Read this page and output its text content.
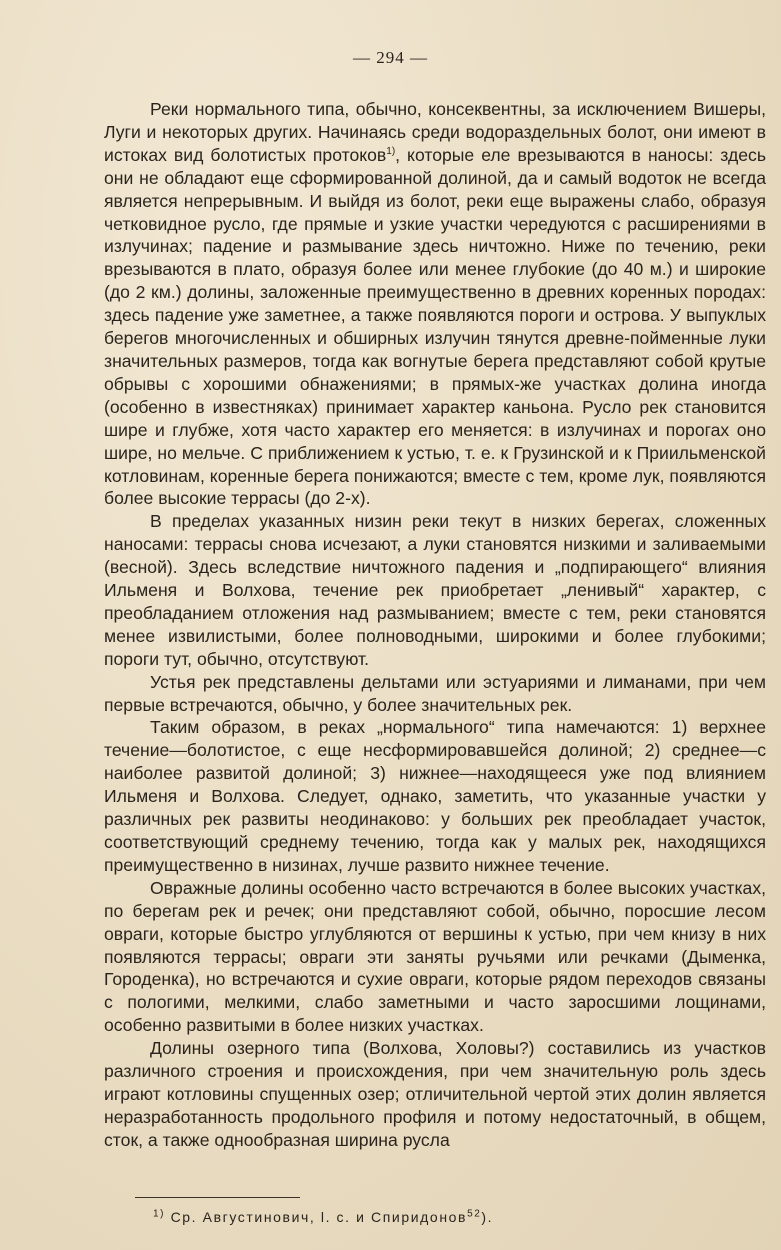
— 294 —

Реки нормального типа, обычно, консеквентны, за исключением Вишеры, Луги и некоторых других. Начинаясь среди водораздельных болот, они имеют в истоках вид болотистых протоков$^{1)}$, которые еле врезываются в наносы: здесь они не обладают еще сформированной долиной, да и самый водоток не всегда является непрерывным. И выйдя из болот, реки еще выражены слабо, образуя четковидное русло, где прямые и узкие участки чередуются с расширениями в излучинах; падение и размывание здесь ничтожно. Ниже по течению, реки врезываются в плато, образуя более или менее глубокие (до 40 м.) и широкие (до 2 км.) долины, заложенные преимущественно в древних коренных породах: здесь падение уже заметнее, а также появляются пороги и острова. У выпуклых берегов многочисленных и обширных излучин тянутся древне-пойменные луки значительных размеров, тогда как вогнутые берега представляют собой крутые обрывы с хорошими обнажениями; в прямых-же участках долина иногда (особенно в известняках) принимает характер каньона. Русло рек становится шире и глубже, хотя часто характер его меняется: в излучинах и порогах оно шире, но мельче. С приближением к устью, т. е. к Грузинской и к Приильменской котловинам, коренные берега понижаются; вместе с тем, кроме лук, появляются более высокие террасы (до 2-х).

В пределах указанных низин реки текут в низких берегах, сложенных наносами: террасы снова исчезают, а луки становятся низкими и заливаемыми (весной). Здесь вследствие ничтожного падения и „подпирающего“ влияния Ильменя и Волхова, течение рек приобретает „ленивый“ характер, с преобладанием отложения над размыванием; вместе с тем, реки становятся менее извилистыми, более полноводными, широкими и более глубокими; пороги тут, обычно, отсутствуют.

Устья рек представлены дельтами или эстуариями и лиманами, при чем первые встречаются, обычно, у более значительных рек.

Таким образом, в реках „нормального“ типа намечаются: 1) верхнее течение—болотистое, с еще несформировавшейся долиной; 2) среднее—с наиболее развитой долиной; 3) нижнее—находящееся уже под влиянием Ильменя и Волхова. Следует, однако, заметить, что указанные участки у различных рек развиты неодинаково: у больших рек преобладает участок, соответствующий среднему течению, тогда как у малых рек, находящихся преимущественно в низинах, лучше развито нижнее течение.

Овражные долины особенно часто встречаются в более высоких участках, по берегам рек и речек; они представляют собой, обычно, поросшие лесом овраги, которые быстро углубляются от вершины к устью, при чем книзу в них появляются террасы; овраги эти заняты ручьями или речками (Дыменка, Городенка), но встречаются и сухие овраги, которые рядом переходов связаны с пологими, мелкими, слабо заметными и часто заросшими лощинами, особенно развитыми в более низких участках.

Долины озерного типа (Волхова, Холовы?) составились из участков различного строения и происхождения, при чем значительную роль здесь играют котловины спущенных озер; отличительной чертой этих долин является неразработанность продольного профиля и потому недостаточный, в общем, сток, а также однообразная ширина русла

$^{1)}$ Ср. Августинович, l. c. и Спиридонов$^{52}$).
